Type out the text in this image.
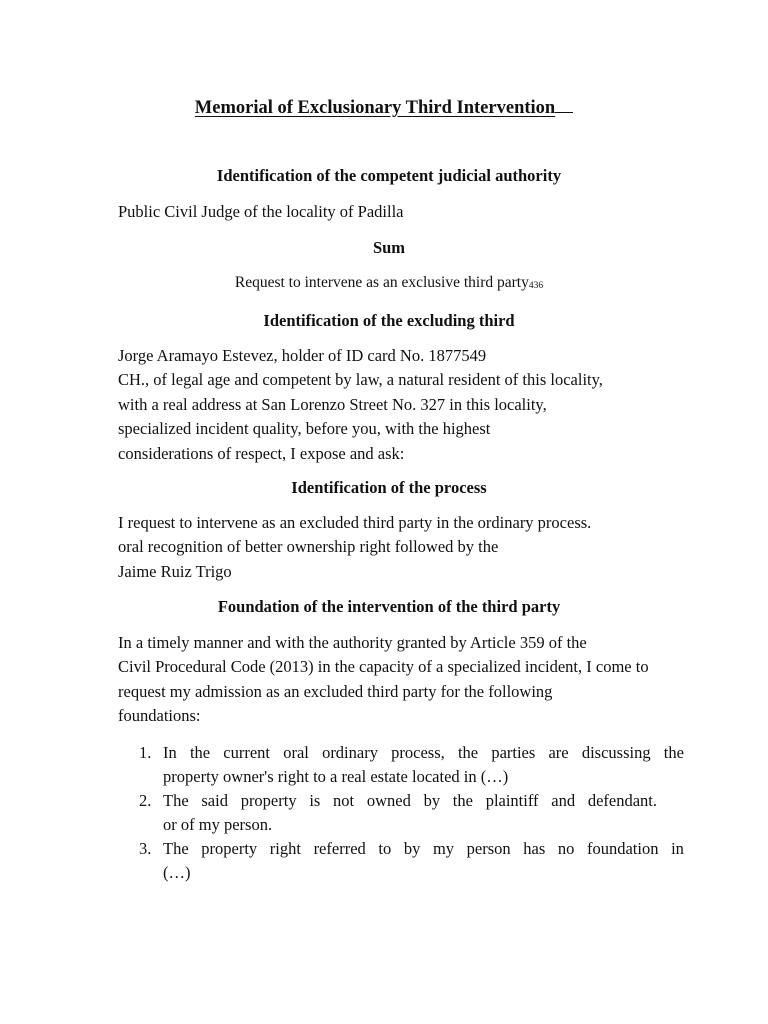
Memorial of Exclusionary Third Intervention
Identification of the competent judicial authority
Public Civil Judge of the locality of Padilla
Sum
Request to intervene as an exclusive third party$^{436}$
Identification of the excluding third
Jorge Aramayo Estevez, holder of ID card No. 1877549
CH., of legal age and competent by law, a natural resident of this locality,
with a real address at San Lorenzo Street No. 327 in this locality,
specialized incident quality, before you, with the highest
considerations of respect, I expose and ask:
Identification of the process
I request to intervene as an excluded third party in the ordinary process.
oral recognition of better ownership right followed by the
Jaime Ruiz Trigo
Foundation of the intervention of the third party
In a timely manner and with the authority granted by Article 359 of the
Civil Procedural Code (2013) in the capacity of a specialized incident, I come to
request my admission as an excluded third party for the following
foundations:
1. In the current oral ordinary process, the parties are discussing the
property owner's right to a real estate located in (…)
2. The said property is not owned by the plaintiff and defendant.
or of my person.
3. The property right referred to by my person has no foundation in
(…)
